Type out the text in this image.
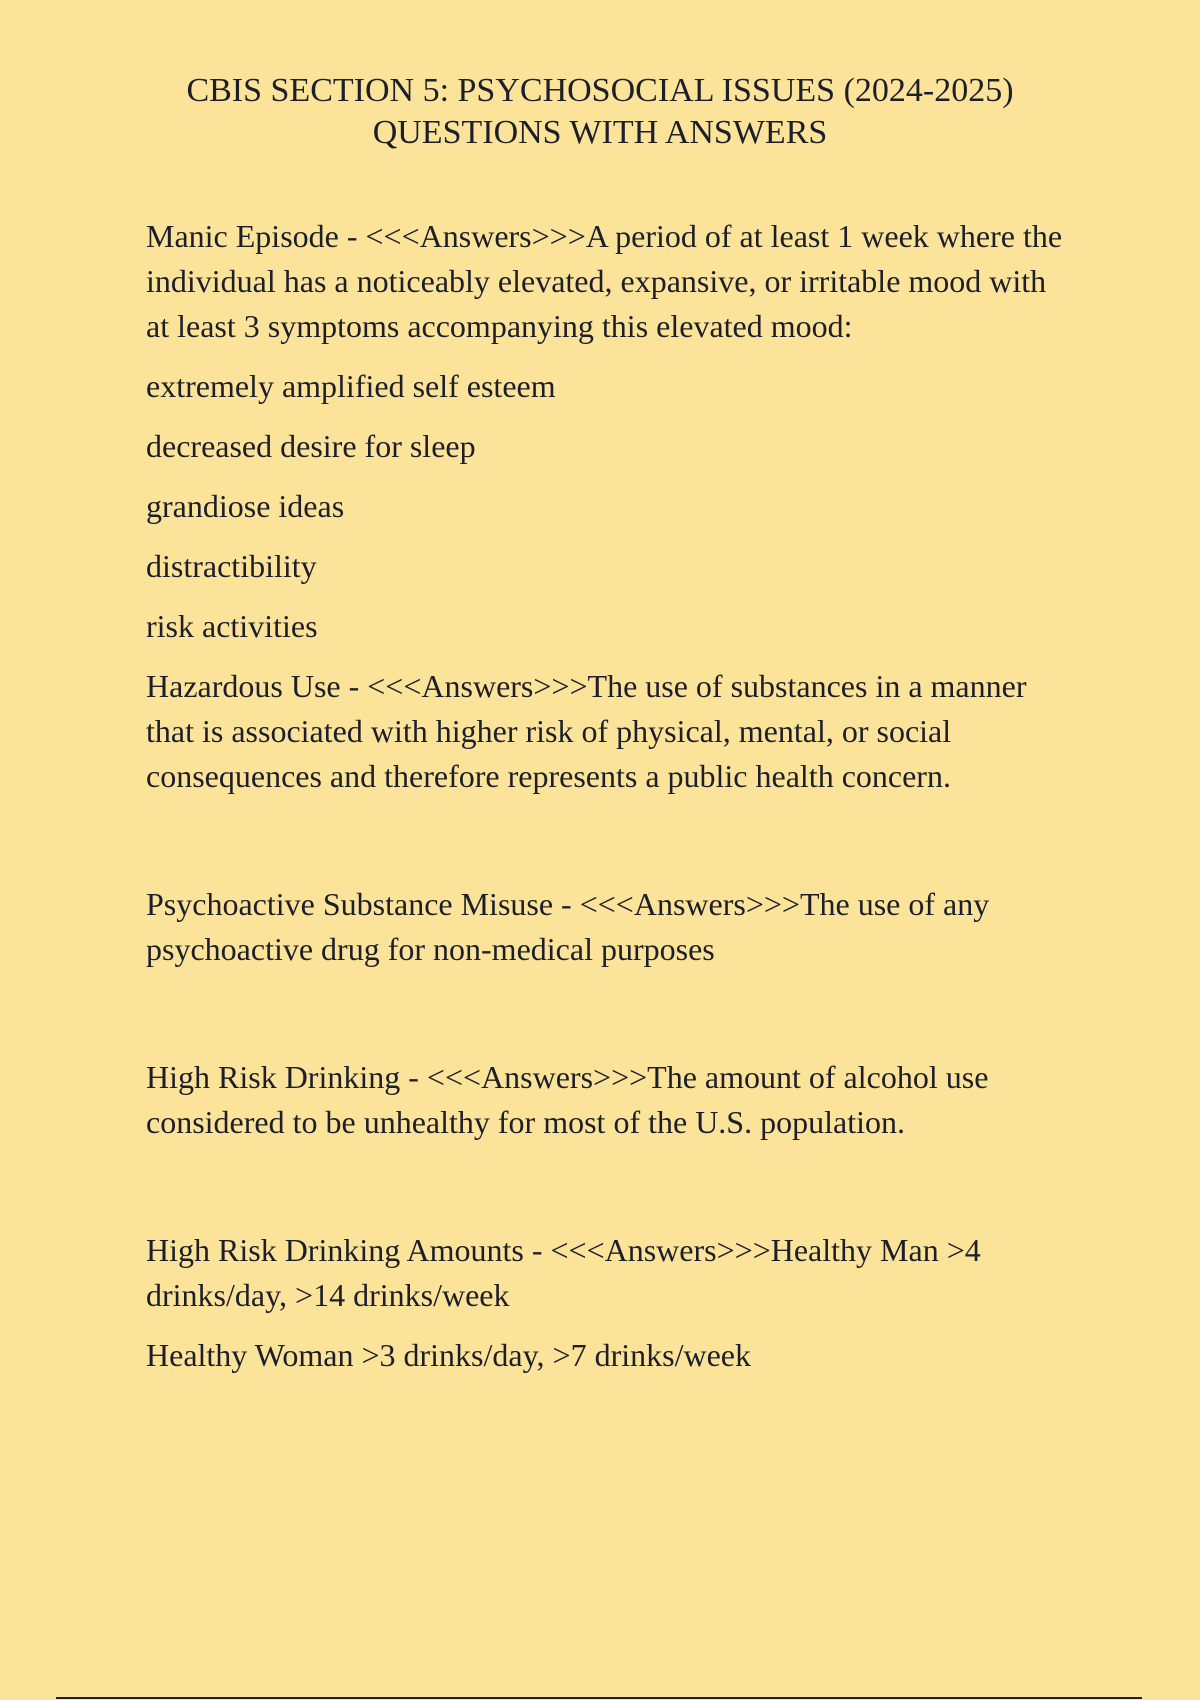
CBIS SECTION 5: PSYCHOSOCIAL ISSUES (2024-2025)
QUESTIONS WITH ANSWERS

Manic Episode - <<<Answers>>>A period of at least 1 week where the individual has a noticeably elevated, expansive, or irritable mood with at least 3 symptoms accompanying this elevated mood:

extremely amplified self esteem

decreased desire for sleep

grandiose ideas

distractibility

risk activities

Hazardous Use - <<<Answers>>>The use of substances in a manner that is associated with higher risk of physical, mental, or social consequences and therefore represents a public health concern.

Psychoactive Substance Misuse - <<<Answers>>>The use of any psychoactive drug for non-medical purposes

High Risk Drinking - <<<Answers>>>The amount of alcohol use considered to be unhealthy for most of the U.S. population.

High Risk Drinking Amounts - <<<Answers>>>Healthy Man >4 drinks/day, >14 drinks/week

Healthy Woman >3 drinks/day, >7 drinks/week
